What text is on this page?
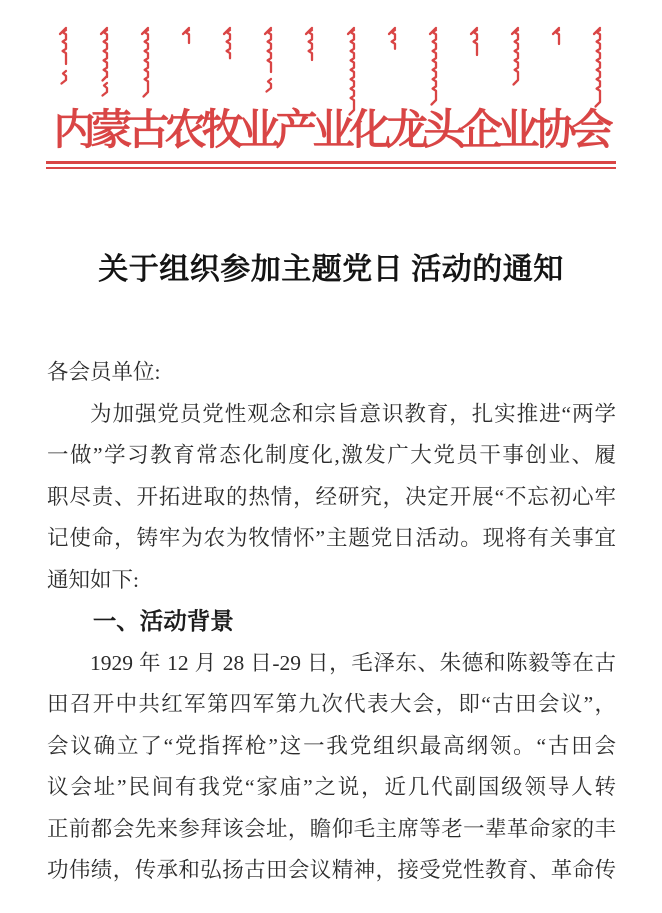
内蒙古农牧业产业化龙头企业协会
关于组织参加主题党日 活动的通知

各会员单位:

为加强党员党性观念和宗旨意识教育，扎实推进“两学

一做”学习教育常态化制度化,激发广大党员干事创业、履

职尽责、开拓进取的热情，经研究，决定开展“不忘初心牢

记使命，铸牢为农为牧情怀”主题党日活动。现将有关事宜

通知如下:

一、活动背景

1929 年 12 月 28 日-29 日，毛泽东、朱德和陈毅等在古

田召开中共红军第四军第九次代表大会，即“古田会议”，

会议确立了“党指挥枪”这一我党组织最高纲领。“古田会

议会址”民间有我党“家庙”之说，近几代副国级领导人转

正前都会先来参拜该会址，瞻仰毛主席等老一辈革命家的丰

功伟绩，传承和弘扬古田会议精神，接受党性教育、革命传
